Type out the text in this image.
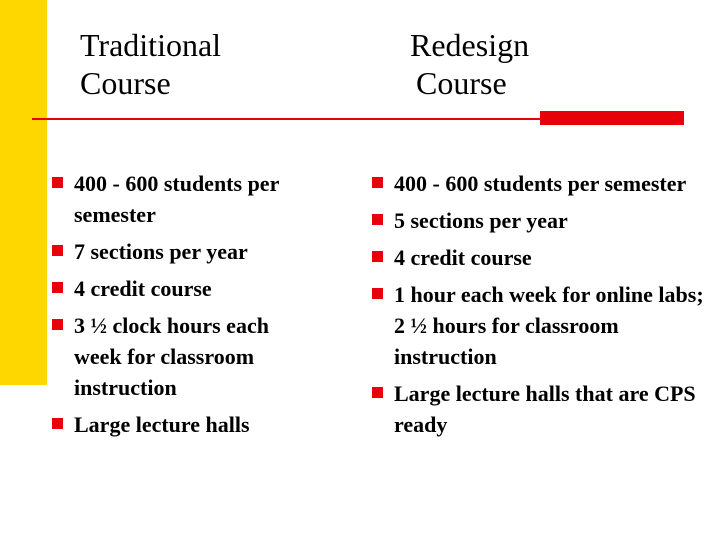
Traditional
Course
Redesign
Course
400 - 600 students per semester
7 sections per year
4 credit course
3 ½ clock hours each week for classroom instruction
Large lecture halls
400 - 600 students per semester
5 sections per year
4 credit course
1 hour each week for online labs; 2 ½ hours for classroom instruction
Large lecture halls that are CPS ready
